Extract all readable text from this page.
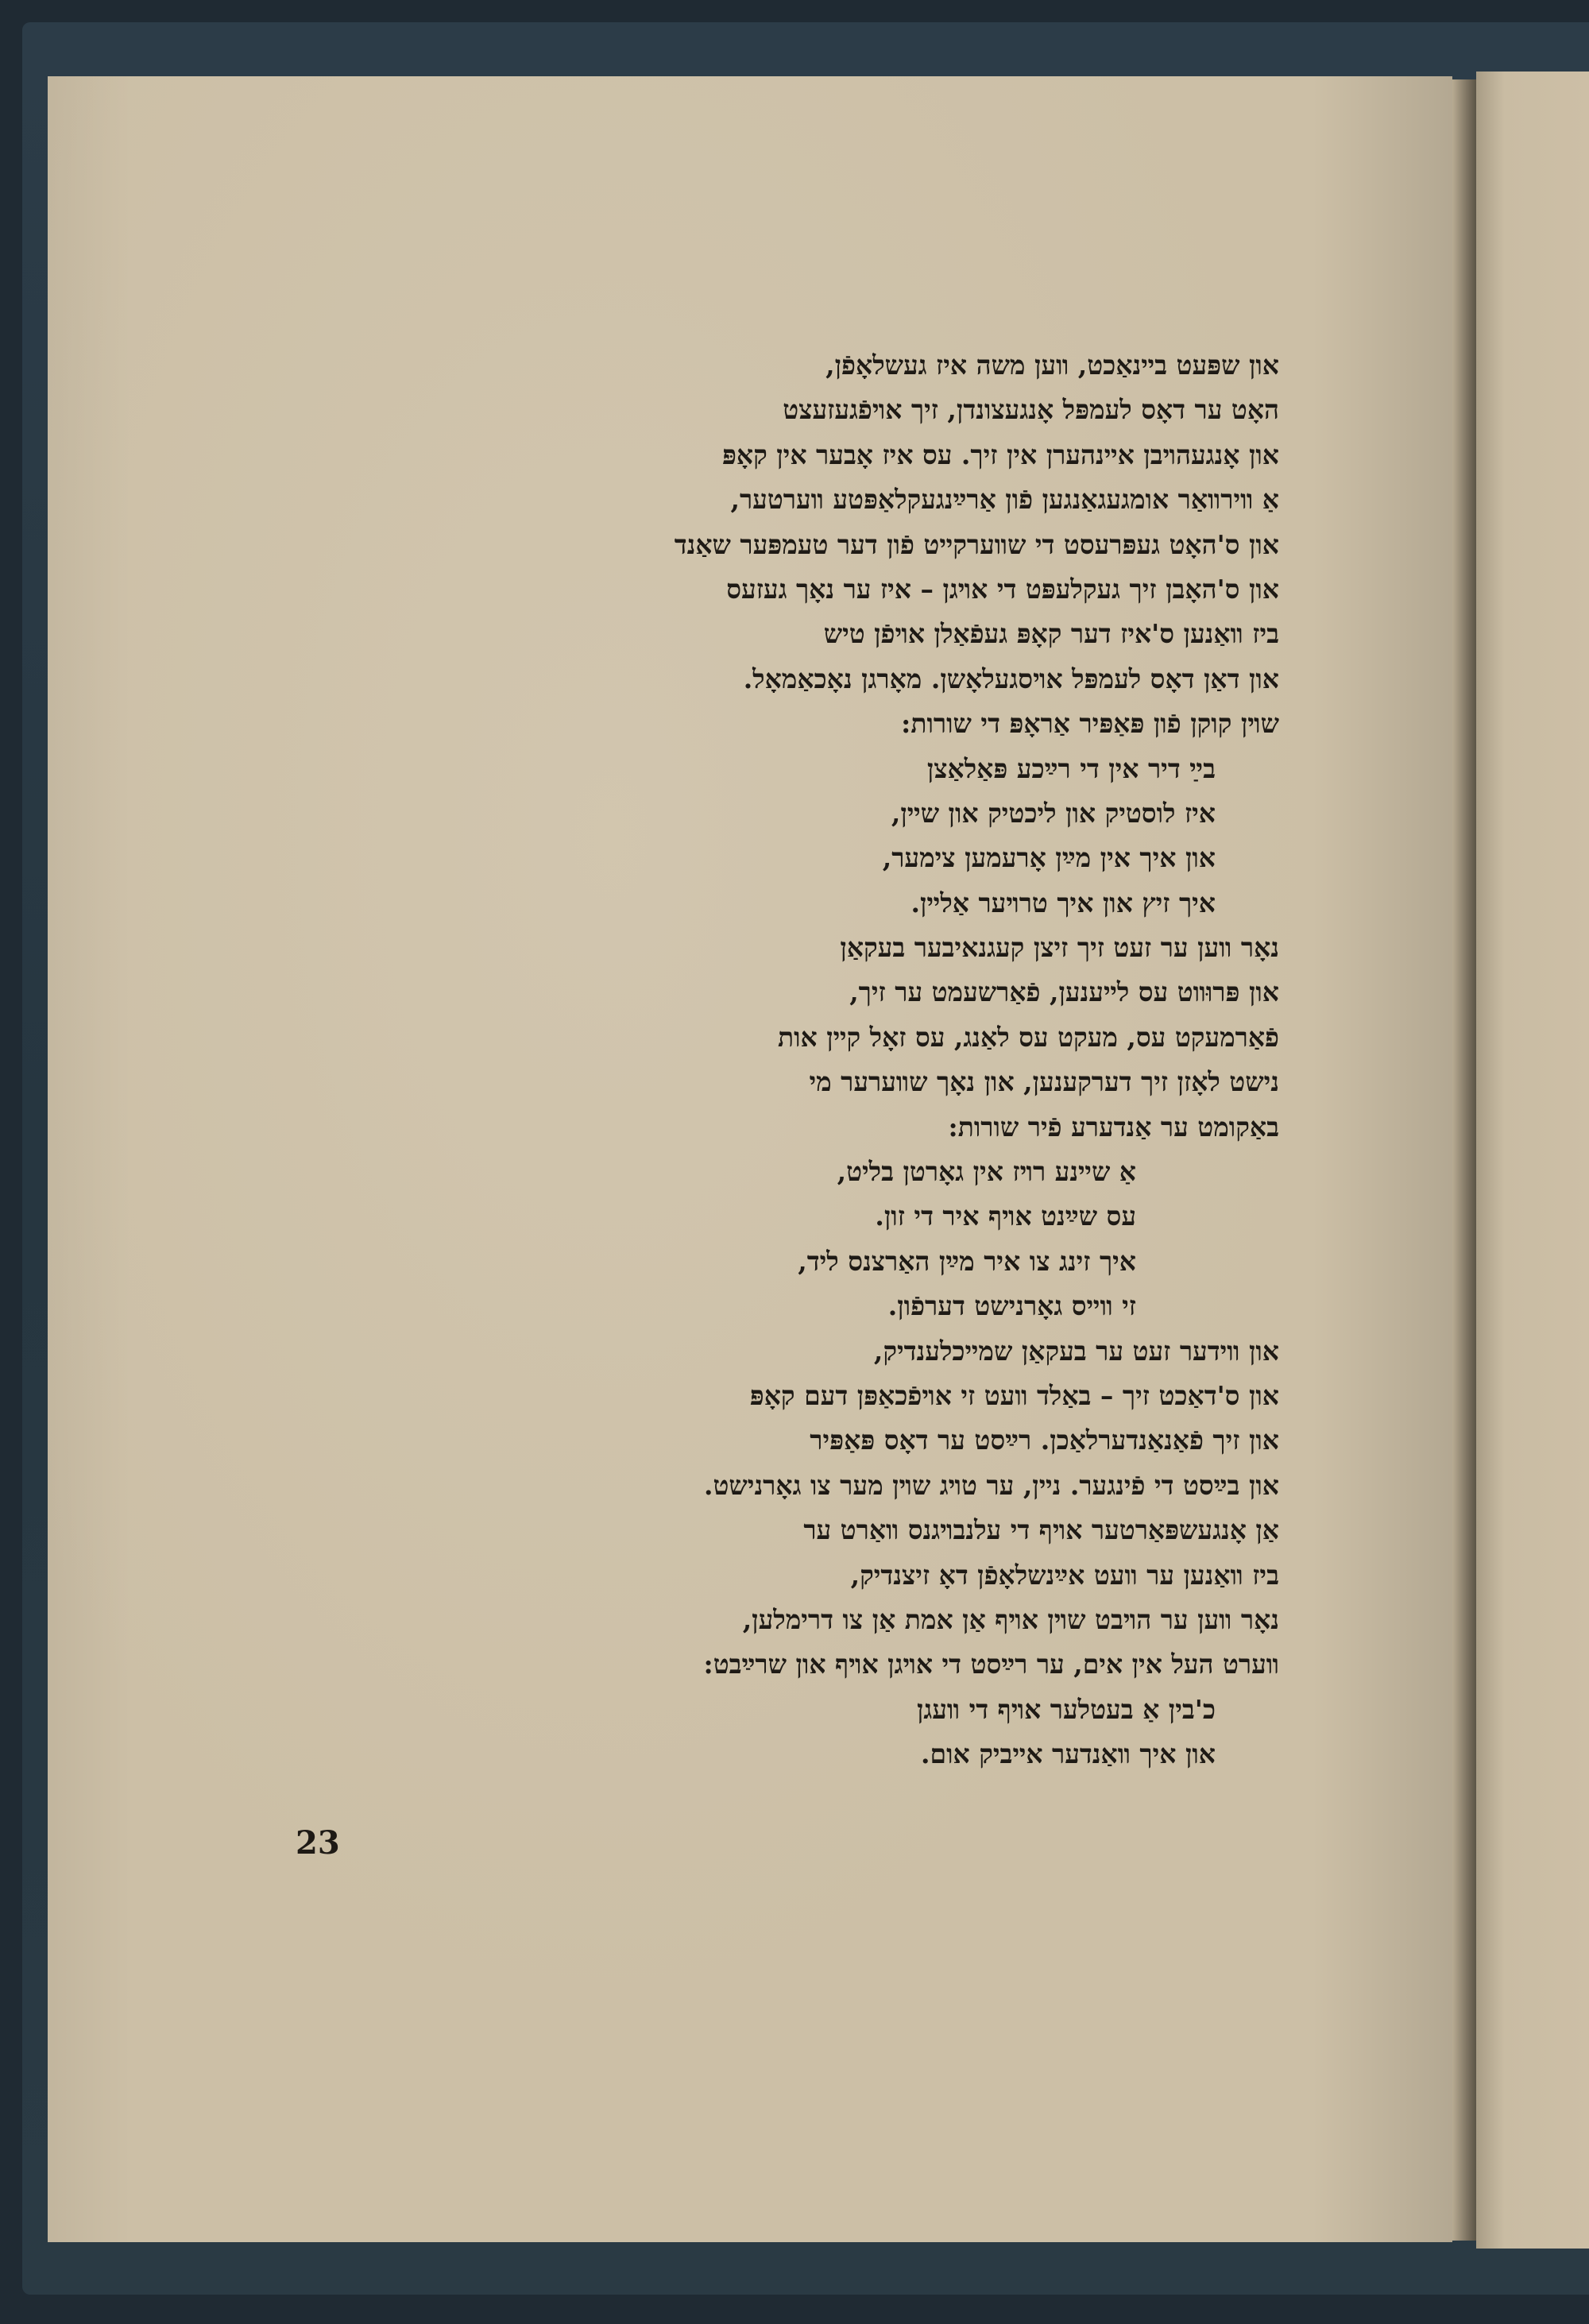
און שפּעט בײנאַכט, װען משה איז געשלאָפֿן,
האָט ער דאָס לעמפּל אָנגעצונדן, זיך אױפֿגעזעצט
און אָנגעהױבן אײנהערן אין זיך. עס איז אָבער אין קאָפּ
אַ װירװאַר אומגעגאַנגען פֿון אַרײַנגעקלאַפּטע װערטער,
און ס'האָט געפּרעסט די שװערקײט פֿון דער טעמפּער שאַנד
און ס'האָבן זיך געקלעפּט די אױגן – איז ער נאָך געזעס
ביז װאַנען ס'איז דער קאָפּ געפֿאַלן אױפֿן טיש
און דאַן דאָס לעמפּל אױסגעלאָשן. מאָרגן נאָכאַמאָל.
שױן קוקן פֿון פּאַפּיר אַראָפּ די שורות:
בײַ דיר אין די רײַכע פּאַלאַצן
איז לוסטיק און ליכטיק און שײן,
און איך אין מײַן אָרעמען צימער,
איך זיץ און איך טרױער אַלײן.
נאָר װען ער זעט זיך זיצן קעגנאיבער בעקאַן
און פּרוּװט עס לײענען, פֿאַרשעמט ער זיך,
פֿאַרמעקט עס, מעקט עס לאַנג, עס זאָל קײן אות
נישט לאָזן זיך דערקענען, און נאָך שװערער מי
באַקומט ער אַנדערע פֿיר שורות:
אַ שײנע רױז אין גאָרטן בליט,
עס שײַנט אױף איר די זון.
איך זינג צו איר מײַן האַרצנס ליד,
זי װײס גאָרנישט דערפֿון.
און װידער זעט ער בעקאַן שמײכלענדיק,
און ס'דאַכט זיך – באַלד װעט זי אױפֿכאַפּן דעם קאָפּ
און זיך פֿאַנאַנדערלאַכן. רײַסט ער דאָס פּאַפּיר
און בײַסט די פֿינגער. נײן, ער טױג שױן מער צו גאָרנישט.
אַן אָנגעשפּאַרטער אױף די עלנבױגנס װאַרט ער
ביז װאַנען ער װעט אײַנשלאָפֿן דאָ זיצנדיק,
נאָר װען ער הױבט שױן אױף אַן אמת אַן צו דרימלען,
װערט העל אין אים, ער רײַסט די אױגן אױף און שרײַבט:
כ'בין אַ בעטלער אױף די װעגן
און איך װאַנדער אײביק אום.
23
